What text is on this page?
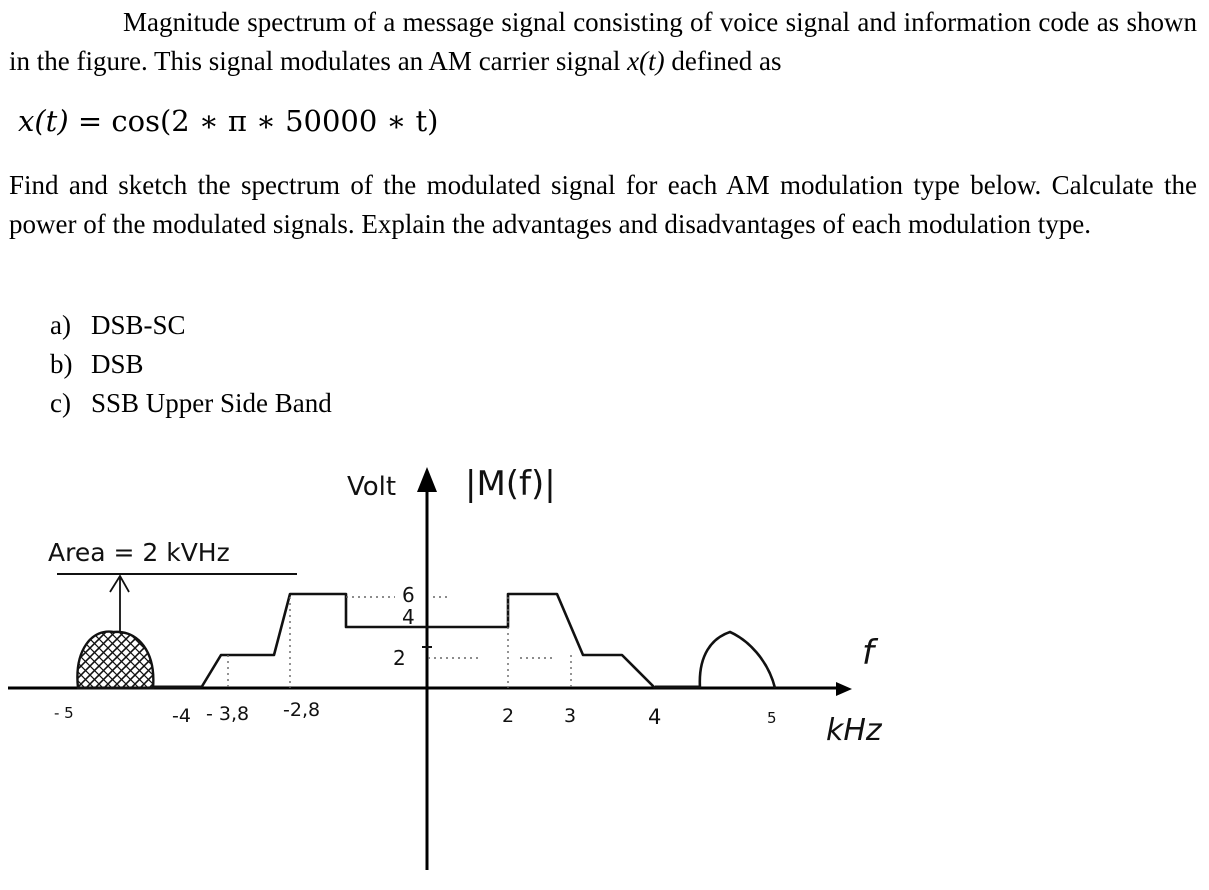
Magnitude spectrum of a message signal consisting of voice signal and information code as shown in the figure. This signal modulates an AM carrier signal x(t) defined as

x(t) = cos(2 ∗ π ∗ 50000 ∗ t)

Find and sketch the spectrum of the modulated signal for each AM modulation type below. Calculate the power of the modulated signals. Explain the advantages and disadvantages of each modulation type.

a) DSB-SC
b) DSB
c) SSB Upper Side Band
Area = 2 kVHz
Volt |M(f)|
f
kHz
6
4
2
- 5	-4 - 3,8 -2,8	2	3	4	5
